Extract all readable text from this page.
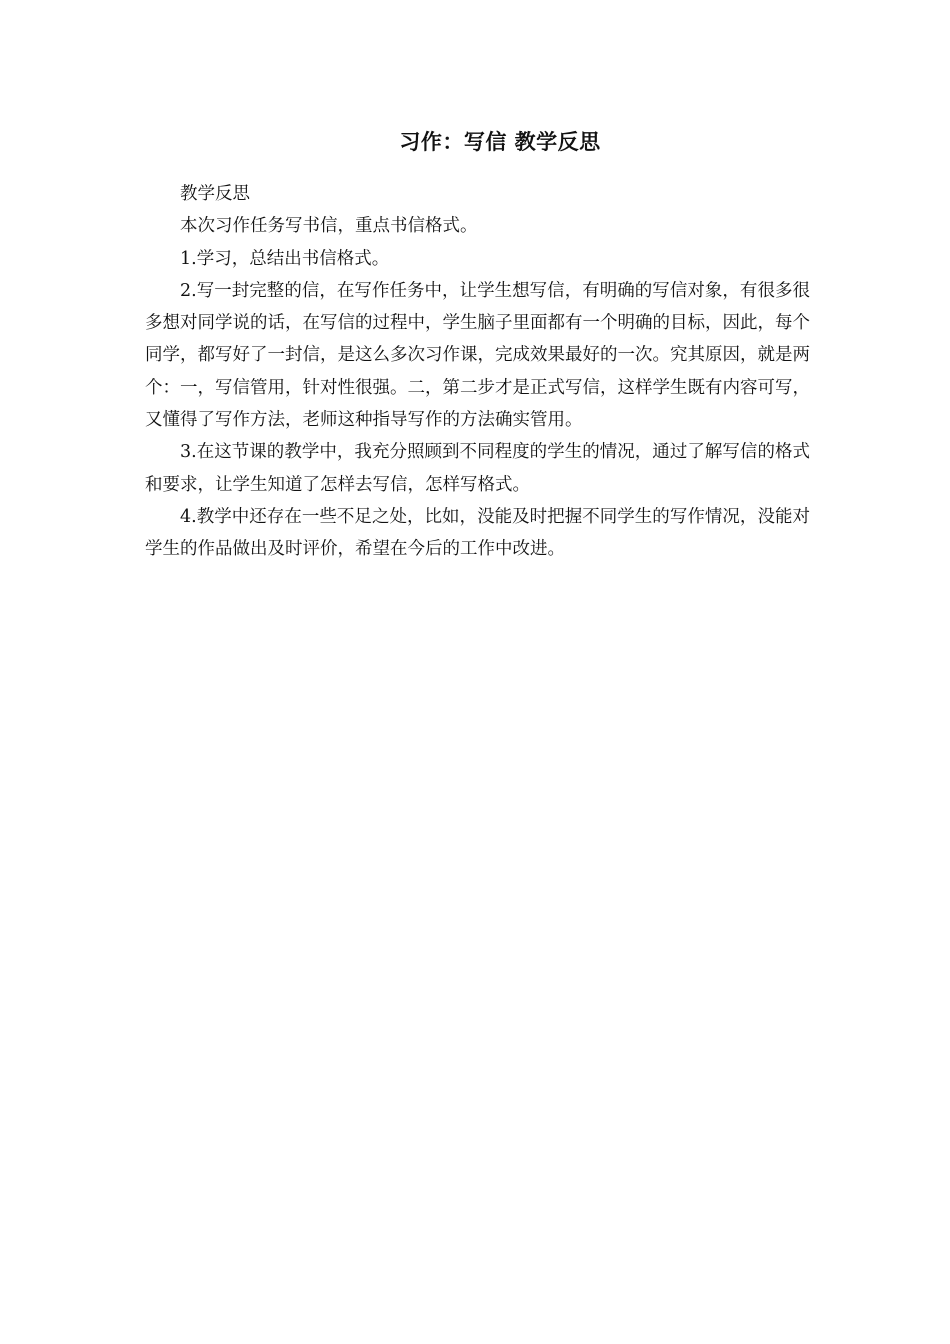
习作：写信 教学反思

教学反思

本次习作任务写书信，重点书信格式。

1.学习，总结出书信格式。

2.写一封完整的信，在写作任务中，让学生想写信，有明确的写信对象，有很多很多想对同学说的话，在写信的过程中，学生脑子里面都有一个明确的目标，因此，每个同学，都写好了一封信，是这么多次习作课，完成效果最好的一次。究其原因，就是两个：一，写信管用，针对性很强。二，第二步才是正式写信，这样学生既有内容可写，又懂得了写作方法，老师这种指导写作的方法确实管用。

3.在这节课的教学中，我充分照顾到不同程度的学生的情况，通过了解写信的格式和要求，让学生知道了怎样去写信，怎样写格式。

4.教学中还存在一些不足之处，比如，没能及时把握不同学生的写作情况，没能对学生的作品做出及时评价，希望在今后的工作中改进。
